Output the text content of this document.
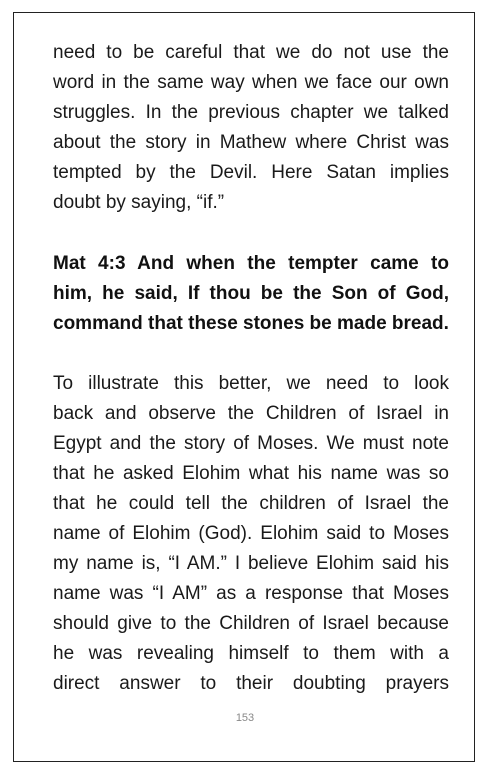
need to be careful that we do not use the
word in the same way when we face our own
struggles. In the previous chapter we talked
about the story in Mathew where Christ was
tempted by the Devil. Here Satan implies
doubt by saying, “if.”
Mat 4:3 And when the tempter came to
him, he said, If thou be the Son of God,
command that these stones be made bread.
To illustrate this better, we need to look
back and observe the Children of Israel in
Egypt and the story of Moses. We must note
that he asked Elohim what his name was so
that he could tell the children of Israel the
name of Elohim (God). Elohim said to Moses
my name is, “I AM.” I believe Elohim said his
name was “I AM” as a response that Moses
should give to the Children of Israel because
he was revealing himself to them with a
direct answer to their doubting prayers
153
